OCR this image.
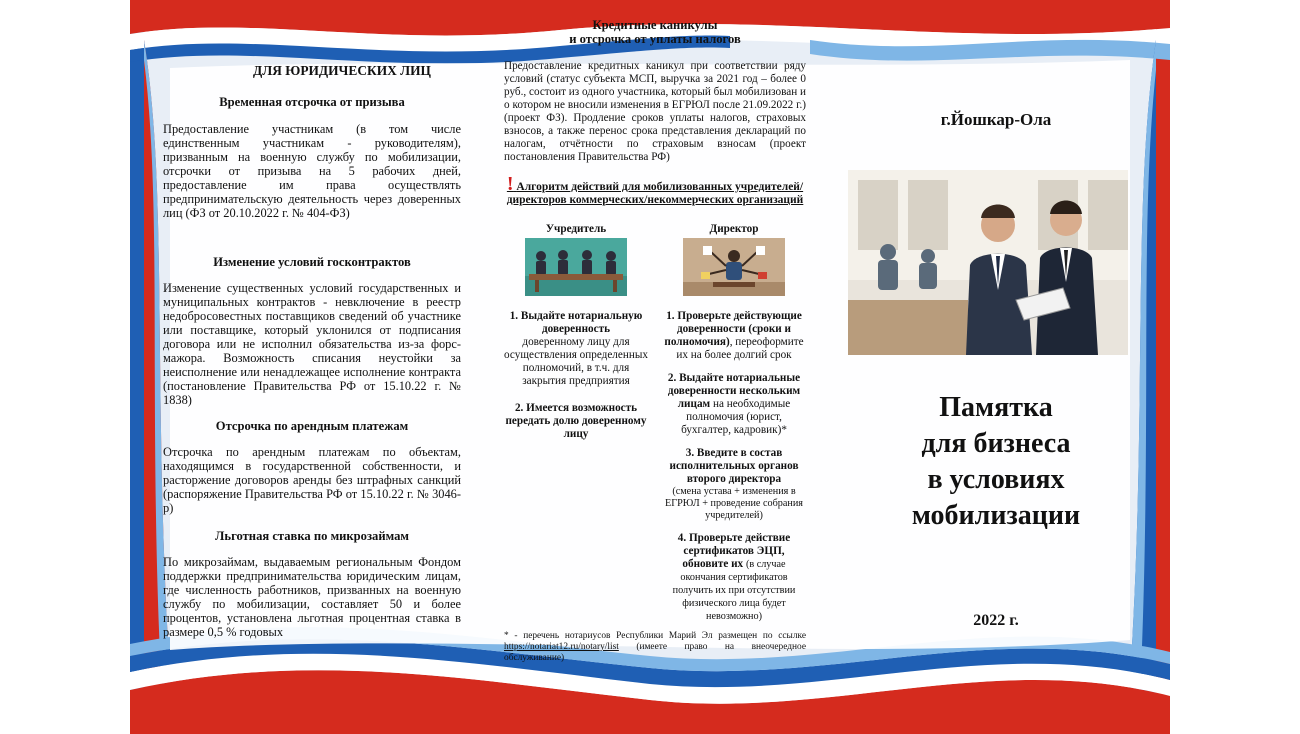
ДЛЯ ЮРИДИЧЕСКИХ ЛИЦ
Временная отсрочка от призыва
Предоставление участникам (в том числе единственным участникам - руководителям), призванным на военную службу по мобилизации, отсрочки от призыва на 5 рабочих дней, предоставление им права осуществлять предпринимательскую деятельность через доверенных лиц (ФЗ от 20.10.2022 г. № 404-ФЗ)
Изменение условий госконтрактов
Изменение существенных условий государственных и муниципальных контрактов - невключение в реестр недобросовестных поставщиков сведений об участнике или поставщике, который уклонился от подписания договора или не исполнил обязательства из-за форс-мажора. Возможность списания неустойки за неисполнение или ненадлежащее исполнение контракта (постановление Правительства РФ от 15.10.22 г. № 1838)
Отсрочка по арендным платежам
Отсрочка по арендным платежам по объектам, находящимся в государственной собственности, и расторжение договоров аренды без штрафных санкций (распоряжение Правительства РФ от 15.10.22 г. № 3046-р)
Льготная ставка по микрозаймам
По микрозаймам, выдаваемым региональным Фондом поддержки предпринимательства юридическим лицам, где численность работников, призванных на военную службу по мобилизации, составляет 50 и более процентов, установлена льготная процентная ставка в размере 0,5 % годовых
Кредитные каникулы
и отсрочка от уплаты налогов
Предоставление кредитных каникул при соответствии ряду условий (статус субъекта МСП, выручка за 2021 год – более 0 руб., состоит из одного участника, который был мобилизован и о котором не вносили изменения в ЕГРЮЛ после 21.09.2022 г.) (проект ФЗ). Продление сроков уплаты налогов, страховых взносов, а также перенос срока представления деклараций по налогам, отчётности по страховым взносам (проект постановления Правительства РФ)
! Алгоритм действий для мобилизованных учредителей/директоров коммерческих/некоммерческих организаций
Учредитель
1. Выдайте нотариальную доверенность
доверенному лицу для осуществления определенных полномочий, в т.ч. для закрытия предприятия
2. Имеется возможность передать долю доверенному лицу
Директор
1. Проверьте действующие доверенности (сроки и полномочия), переоформите их на более долгий срок
2. Выдайте нотариальные доверенности нескольким лицам на необходимые полномочия (юрист, бухгалтер, кадровик)*
3. Введите в состав исполнительных органов второго директора
(смена устава + изменения в ЕГРЮЛ + проведение собрания учредителей)
4. Проверьте действие сертификатов ЭЦП, обновите их (в случае окончания сертификатов получить их при отсутствии физического лица будет невозможно)
* - перечень нотариусов Республики Марий Эл размещен по ссылке https://notariat12.ru/notary/list (имеете право на внеочередное обслуживание)
г.Йошкар-Ола
Памятка
для бизнеса
в условиях
мобилизации
2022 г.
